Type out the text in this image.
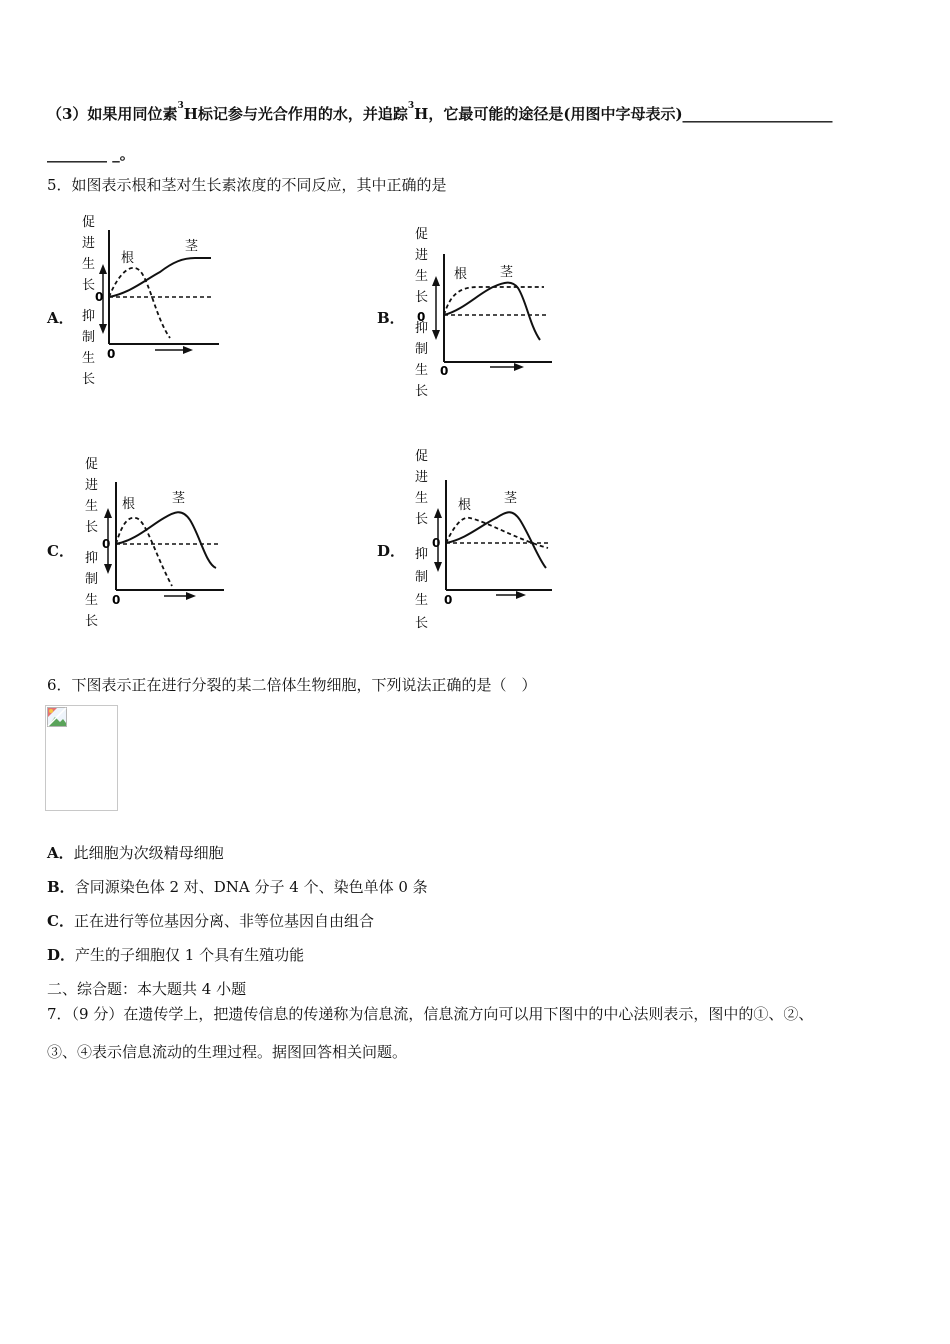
（3）如果用同位素$^3$H标记参与光合作用的水，并追踪$^3$H，它最可能的途径是(用图中字母表示)____________________
________ _。
5．如图表示根和茎对生长素浓度的不同反应，其中正确的是
A．	B．
C．	D．
促
进
生
长
抑
制
生
长
0
0
根
茎
促
进
生
长
抑
制
生
长
0
0
根	茎
促
进
生
长
抑
制
生
长
0
0
根	茎
促
进
生
长
抑
制
生
长
0
0
根	茎
6．下图表示正在进行分裂的某二倍体生物细胞，下列说法正确的是（　）
A．此细胞为次级精母细胞
B．含同源染色体 2 对、DNA 分子 4 个、染色单体 0 条
C．正在进行等位基因分离、非等位基因自由组合
D．产生的子细胞仅 1 个具有生殖功能
二、综合题：本大题共 4 小题
7．（9 分）在遗传学上，把遗传信息的传递称为信息流，信息流方向可以用下图中的中心法则表示，图中的①、②、
③、④表示信息流动的生理过程。据图回答相关问题。
